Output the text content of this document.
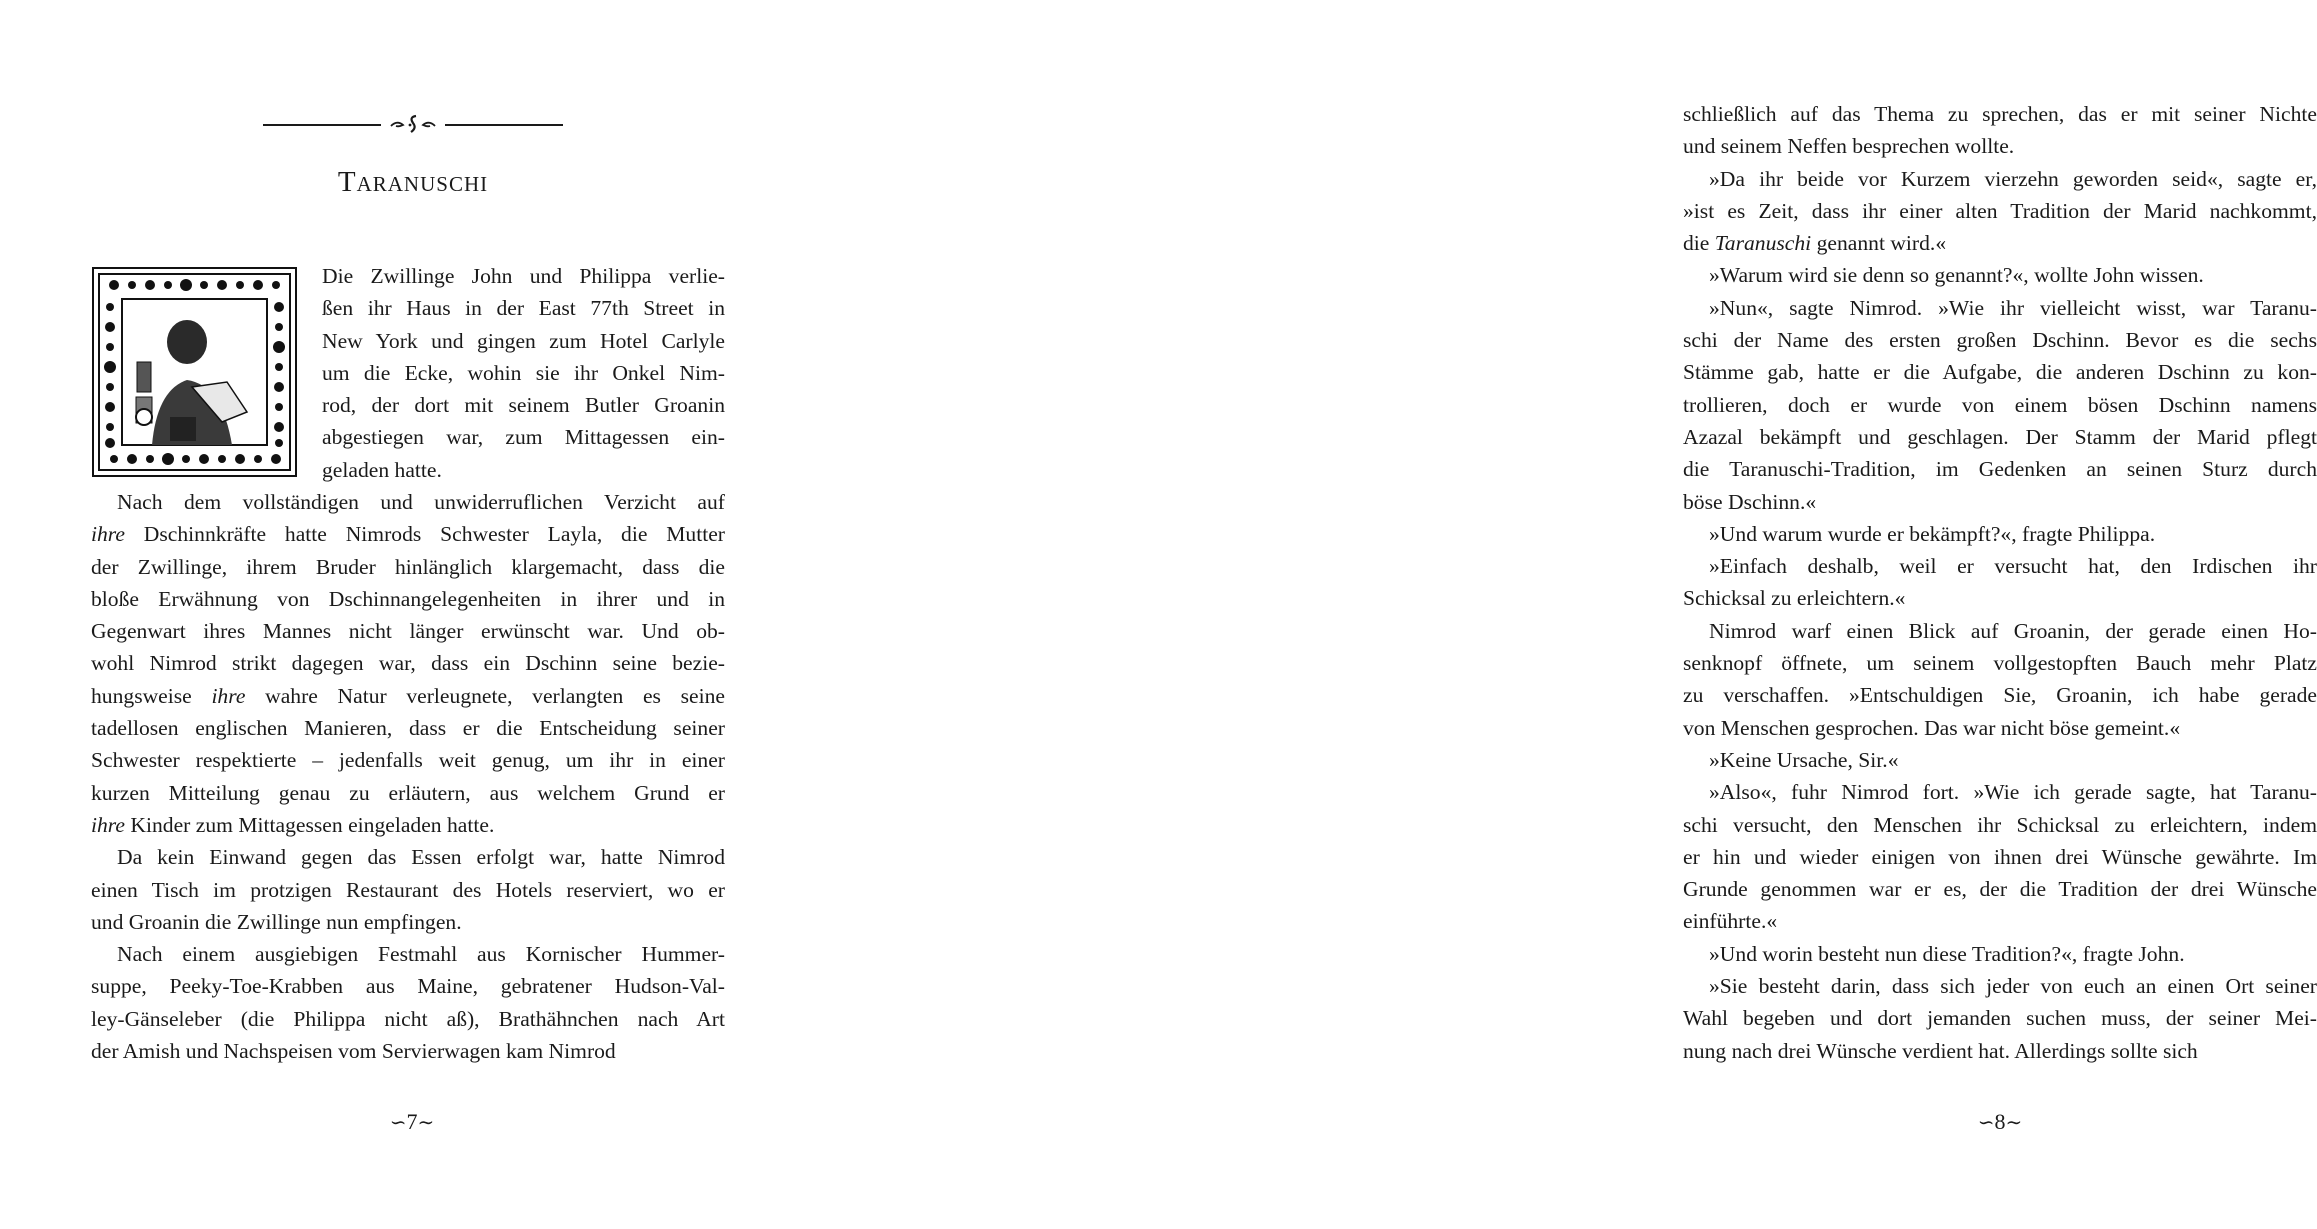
TARANUSCHI

Die Zwillinge John und Philippa verlie-

ßen ihr Haus in der East 77th Street in

New York und gingen zum Hotel Carlyle

um die Ecke, wohin sie ihr Onkel Nim-

rod, der dort mit seinem Butler Groanin

abgestiegen war, zum Mittagessen ein-

geladen hatte.

Nach dem vollständigen und unwiderruflichen Verzicht auf

ihre Dschinnkräfte hatte Nimrods Schwester Layla, die Mutter

der Zwillinge, ihrem Bruder hinlänglich klargemacht, dass die

bloße Erwähnung von Dschinnangelegenheiten in ihrer und in

Gegenwart ihres Mannes nicht länger erwünscht war. Und ob-

wohl Nimrod strikt dagegen war, dass ein Dschinn seine bezie-

hungsweise ihre wahre Natur verleugnete, verlangten es seine

tadellosen englischen Manieren, dass er die Entscheidung seiner

Schwester respektierte – jedenfalls weit genug, um ihr in einer

kurzen Mitteilung genau zu erläutern, aus welchem Grund er

ihre Kinder zum Mittagessen eingeladen hatte.

Da kein Einwand gegen das Essen erfolgt war, hatte Nimrod

einen Tisch im protzigen Restaurant des Hotels reserviert, wo er

und Groanin die Zwillinge nun empfingen.

Nach einem ausgiebigen Festmahl aus Kornischer Hummer-

suppe, Peeky-Toe-Krabben aus Maine, gebratener Hudson-Val-

ley-Gänseleber (die Philippa nicht aß), Brathähnchen nach Art

der Amish und Nachspeisen vom Servierwagen kam Nimrod

∽7∼

schließlich auf das Thema zu sprechen, das er mit seiner Nichte

und seinem Neffen besprechen wollte.

»Da ihr beide vor Kurzem vierzehn geworden seid«, sagte er,

»ist es Zeit, dass ihr einer alten Tradition der Marid nachkommt,

die Taranuschi genannt wird.«

»Warum wird sie denn so genannt?«, wollte John wissen.

»Nun«, sagte Nimrod. »Wie ihr vielleicht wisst, war Taranu-

schi der Name des ersten großen Dschinn. Bevor es die sechs

Stämme gab, hatte er die Aufgabe, die anderen Dschinn zu kon-

trollieren, doch er wurde von einem bösen Dschinn namens

Azazal bekämpft und geschlagen. Der Stamm der Marid pflegt

die Taranuschi-Tradition, im Gedenken an seinen Sturz durch

böse Dschinn.«

»Und warum wurde er bekämpft?«, fragte Philippa.

»Einfach deshalb, weil er versucht hat, den Irdischen ihr

Schicksal zu erleichtern.«

Nimrod warf einen Blick auf Groanin, der gerade einen Ho-

senknopf öffnete, um seinem vollgestopften Bauch mehr Platz

zu verschaffen. »Entschuldigen Sie, Groanin, ich habe gerade

von Menschen gesprochen. Das war nicht böse gemeint.«

»Keine Ursache, Sir.«

»Also«, fuhr Nimrod fort. »Wie ich gerade sagte, hat Taranu-

schi versucht, den Menschen ihr Schicksal zu erleichtern, indem

er hin und wieder einigen von ihnen drei Wünsche gewährte. Im

Grunde genommen war er es, der die Tradition der drei Wünsche

einführte.«

»Und worin besteht nun diese Tradition?«, fragte John.

»Sie besteht darin, dass sich jeder von euch an einen Ort seiner

Wahl begeben und dort jemanden suchen muss, der seiner Mei-

nung nach drei Wünsche verdient hat. Allerdings sollte sich

∽8∼
